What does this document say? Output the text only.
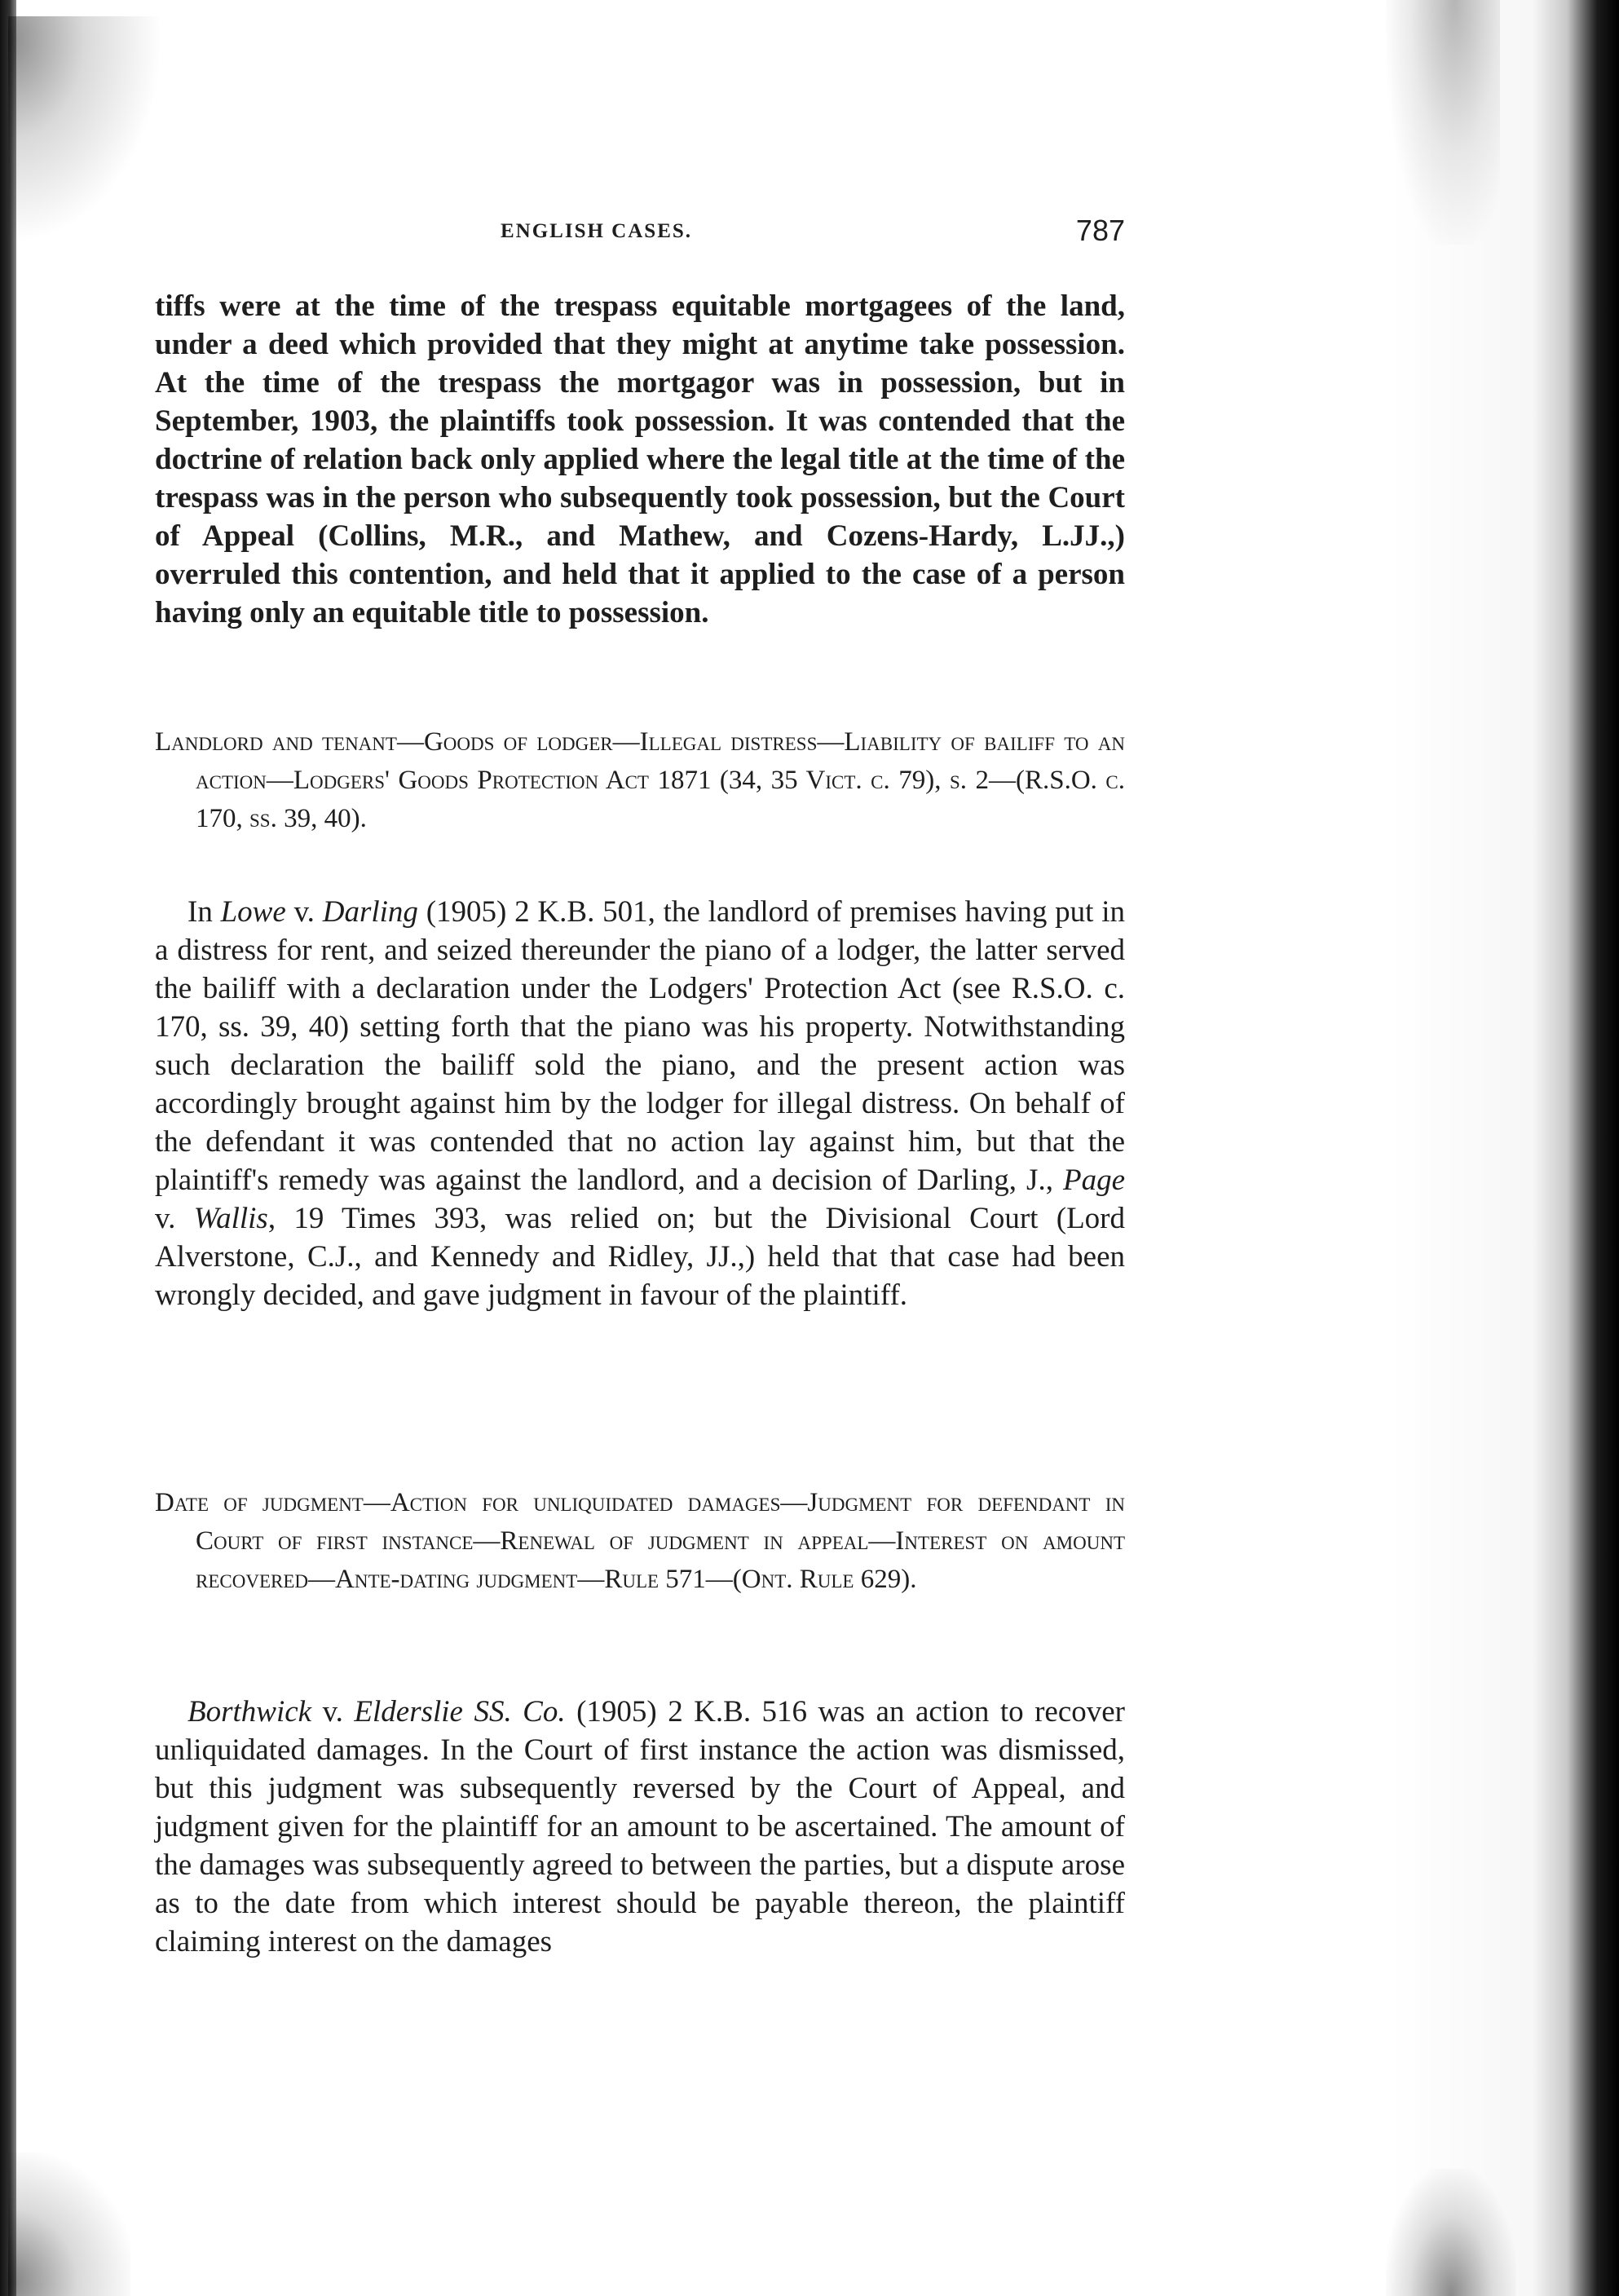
ENGLISH CASES.	787

tiffs were at the time of the trespass equitable mortgagees of the land, under a deed which provided that they might at anytime take possession. At the time of the trespass the mortgagor was in possession, but in September, 1903, the plaintiffs took possession. It was contended that the doctrine of relation back only applied where the legal title at the time of the trespass was in the person who subsequently took possession, but the Court of Appeal (Collins, M.R., and Mathew, and Cozens-Hardy, L.JJ.,) overruled this contention, and held that it applied to the case of a person having only an equitable title to possession.

Landlord and tenant—Goods of lodger—Illegal distress—Liability of bailiff to an action—Lodgers' Goods Protection Act 1871 (34, 35 Vict. c. 79), s. 2—(R.S.O. c. 170, ss. 39, 40).

In Lowe v. Darling (1905) 2 K.B. 501, the landlord of premises having put in a distress for rent, and seized thereunder the piano of a lodger, the latter served the bailiff with a declaration under the Lodgers' Protection Act (see R.S.O. c. 170, ss. 39, 40) setting forth that the piano was his property. Notwithstanding such declaration the bailiff sold the piano, and the present action was accordingly brought against him by the lodger for illegal distress. On behalf of the defendant it was contended that no action lay against him, but that the plaintiff's remedy was against the landlord, and a decision of Darling, J., Page v. Wallis, 19 Times 393, was relied on; but the Divisional Court (Lord Alverstone, C.J., and Kennedy and Ridley, JJ.,) held that that case had been wrongly decided, and gave judgment in favour of the plaintiff.

Date of judgment—Action for unliquidated damages—Judgment for defendant in Court of first instance—Renewal of judgment in appeal—Interest on amount recovered—Ante-dating judgment—Rule 571—(Ont. Rule 629).

Borthwick v. Elderslie SS. Co. (1905) 2 K.B. 516 was an action to recover unliquidated damages. In the Court of first instance the action was dismissed, but this judgment was subsequently reversed by the Court of Appeal, and judgment given for the plaintiff for an amount to be ascertained. The amount of the damages was subsequently agreed to between the parties, but a dispute arose as to the date from which interest should be payable thereon, the plaintiff claiming interest on the damages
